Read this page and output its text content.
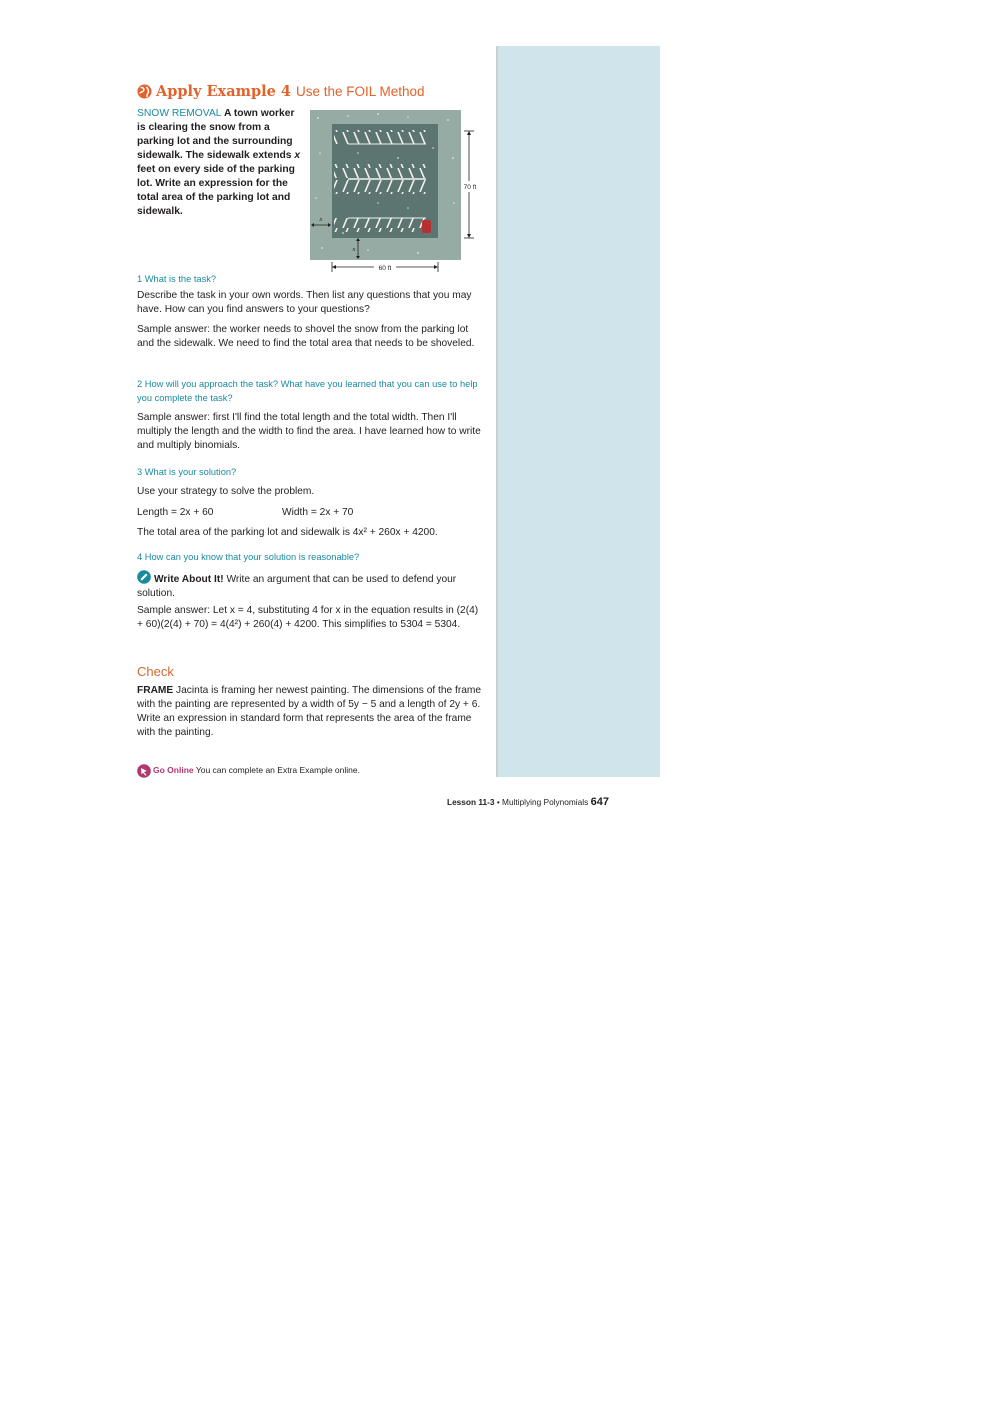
Apply Example 4 Use the FOIL Method
SNOW REMOVAL A town worker is clearing the snow from a parking lot and the surrounding sidewalk. The sidewalk extends x feet on every side of the parking lot. Write an expression for the total area of the parking lot and sidewalk.
70 ft
60 ft
x
x
1 What is the task?
Describe the task in your own words. Then list any questions that you may have. How can you find answers to your questions?
Sample answer: the worker needs to shovel the snow from the parking lot and the sidewalk. We need to find the total area that needs to be shoveled.
2 How will you approach the task? What have you learned that you can use to help you complete the task?
Sample answer: first I'll find the total length and the total width. Then I'll multiply the length and the width to find the area. I have learned how to write and multiply binomials.
3 What is your solution?
Use your strategy to solve the problem.
Length = 2x + 60	Width = 2x + 70
The total area of the parking lot and sidewalk is 4x² + 260x + 4200.
4 How can you know that your solution is reasonable?
Write About It! Write an argument that can be used to defend your solution.
Sample answer: Let x = 4, substituting 4 for x in the equation results in (2(4) + 60)(2(4) + 70) = 4(4²) + 260(4) + 4200. This simplifies to 5304 = 5304.
Check
FRAME Jacinta is framing her newest painting. The dimensions of the frame with the painting are represented by a width of 5y − 5 and a length of 2y + 6. Write an expression in standard form that represents the area of the frame with the painting.
Go Online You can complete an Extra Example online.
Lesson 11-3 • Multiplying Polynomials 647
